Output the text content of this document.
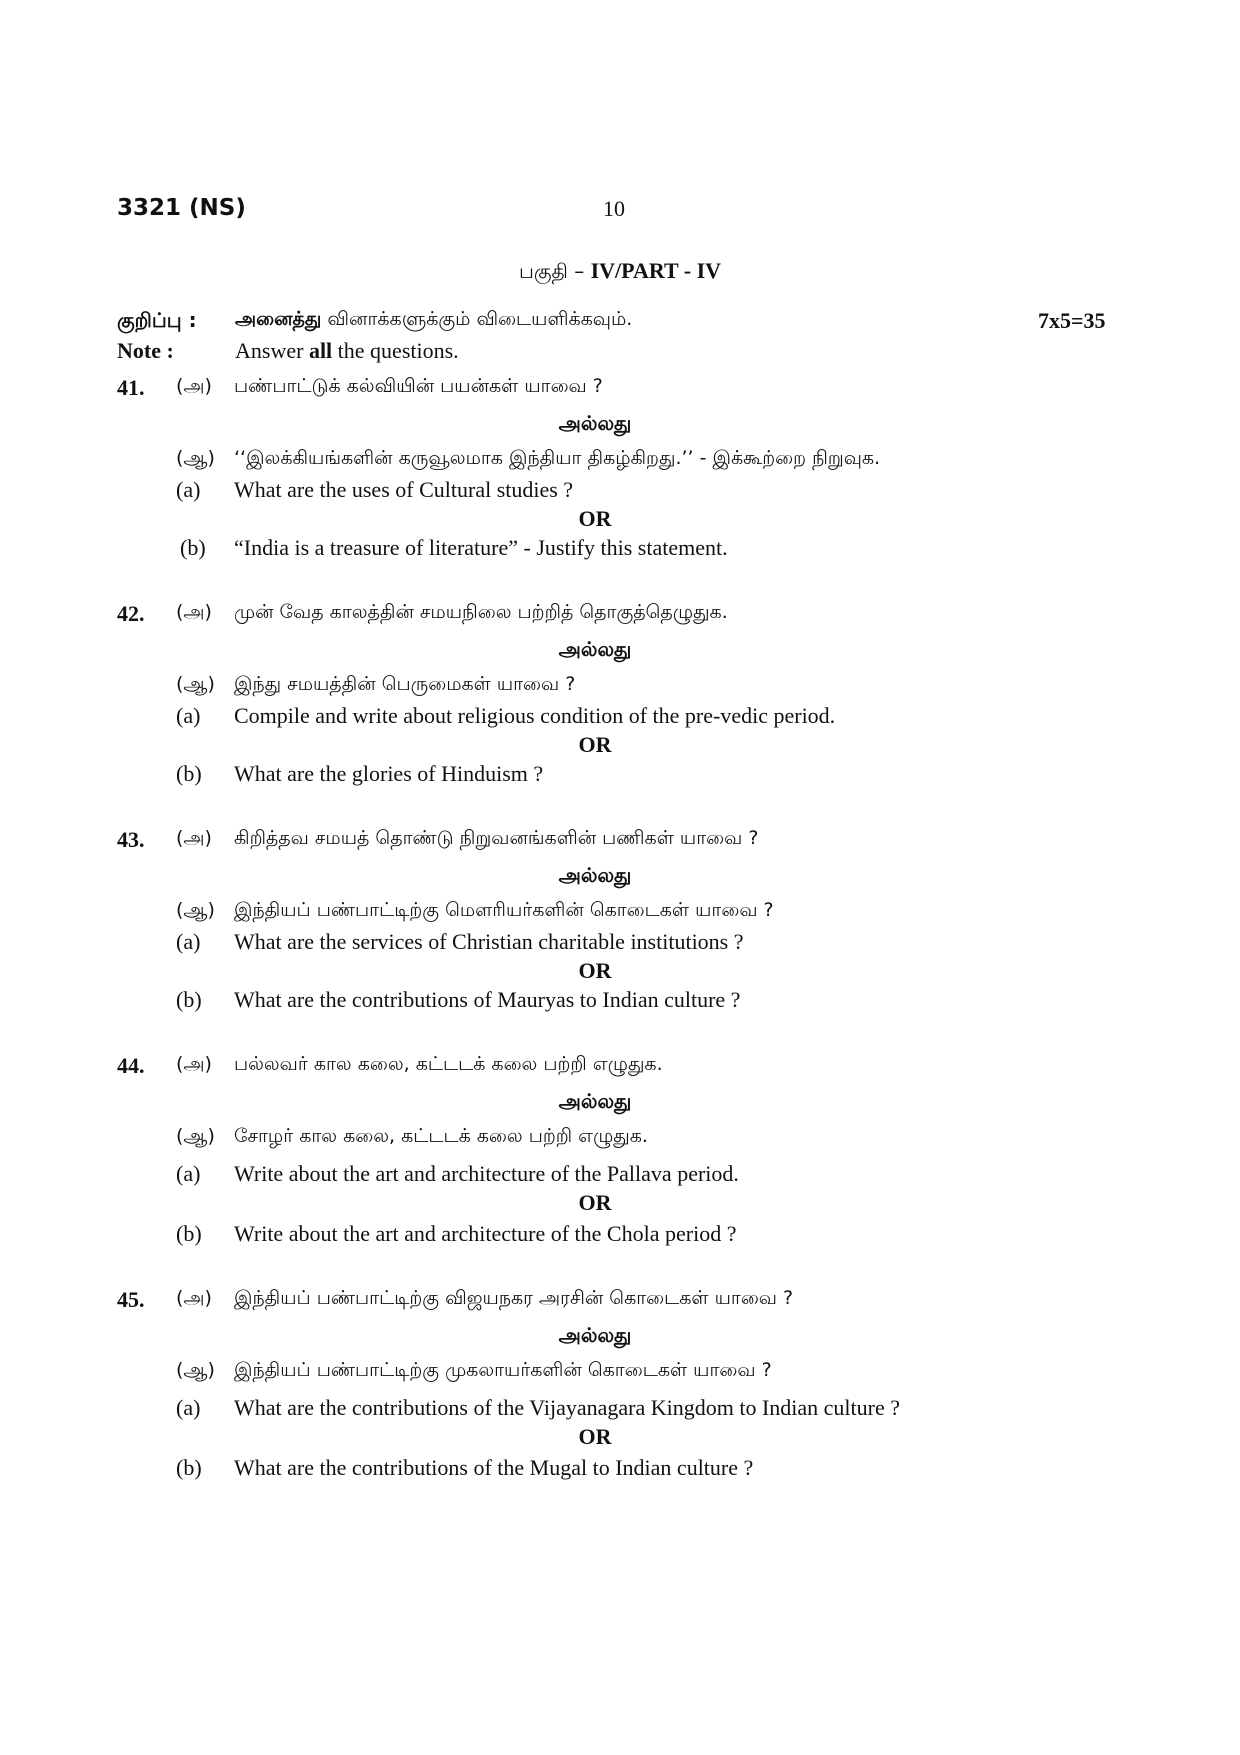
3321 (NS)	10
பகுதி – IV/PART - IV
குறிப்பு : அனைத்து வினாக்களுக்கும் விடையளிக்கவும்.	7x5=35
Note :	Answer all the questions.
41. (அ) பண்பாட்டுக் கல்வியின் பயன்கள் யாவை ?
அல்லது
(ஆ) ‘‘இலக்கியங்களின் கருவூலமாக இந்தியா திகழ்கிறது.’’ - இக்கூற்றை நிறுவுக.
(a) What are the uses of Cultural studies ?
OR
(b) “India is a treasure of literature” - Justify this statement.
42. (அ) முன் வேத காலத்தின் சமயநிலை பற்றித் தொகுத்தெழுதுக.
அல்லது
(ஆ) இந்து சமயத்தின் பெருமைகள் யாவை ?
(a) Compile and write about religious condition of the pre-vedic period.
OR
(b) What are the glories of Hinduism ?
43. (அ) கிறித்தவ சமயத் தொண்டு நிறுவனங்களின் பணிகள் யாவை ?
அல்லது
(ஆ) இந்தியப் பண்பாட்டிற்கு மௌரியர்களின் கொடைகள் யாவை ?
(a) What are the services of Christian charitable institutions ?
OR
(b) What are the contributions of Mauryas to Indian culture ?
44. (அ) பல்லவர் கால கலை, கட்டடக் கலை பற்றி எழுதுக.
அல்லது
(ஆ) சோழர் கால கலை, கட்டடக் கலை பற்றி எழுதுக.
(a) Write about the art and architecture of the Pallava period.
OR
(b) Write about the art and architecture of the Chola period ?
45. (அ) இந்தியப் பண்பாட்டிற்கு விஜயநகர அரசின் கொடைகள் யாவை ?
அல்லது
(ஆ) இந்தியப் பண்பாட்டிற்கு முகலாயர்களின் கொடைகள் யாவை ?
(a) What are the contributions of the Vijayanagara Kingdom to Indian culture ?
OR
(b) What are the contributions of the Mugal to Indian culture ?
